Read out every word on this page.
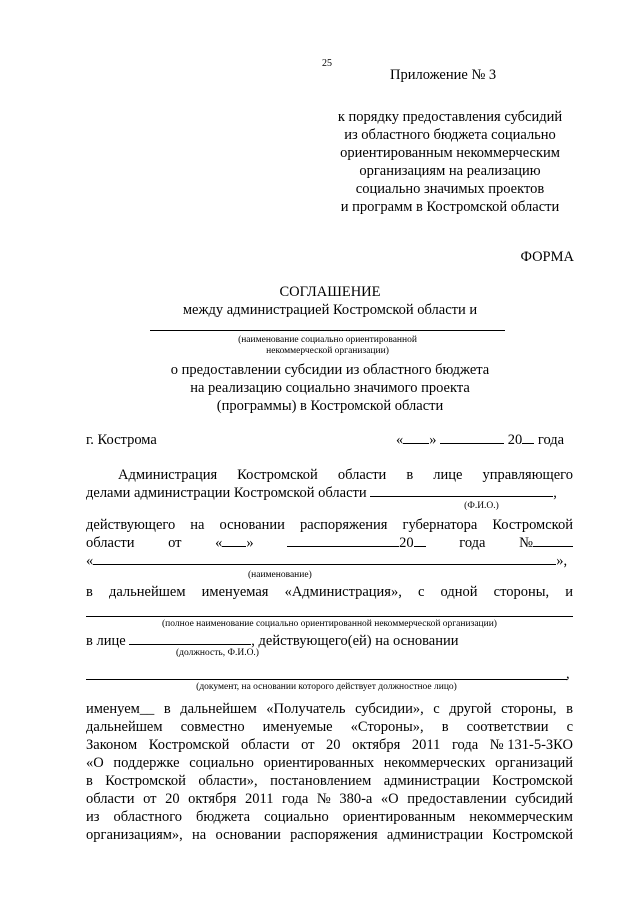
25
Приложение № 3
к порядку предоставления субсидий
из областного бюджета социально
ориентированным некоммерческим
организациям на реализацию
социально значимых проектов
и программ в Костромской области
ФОРМА
СОГЛАШЕНИЕ
между администрацией Костромской области и
(наименование социально ориентированной
некоммерческой организации)
о предоставлении субсидии из областного бюджета
на реализацию социально значимого проекта
(программы) в Костромской области
г. Кострома	« »	20 года
Администрация Костромской области в лице управляющего
делами администрации Костромской области	,
(Ф.И.О.)
действующего на основании распоряжения губернатора Костромской
области от « »	20	года №
«	»,
(наименование)
в дальнейшем именуемая «Администрация», с одной стороны, и
(полное наименование социально ориентированной некоммерческой организации)
в лице	, действующего(ей) на основании
(должность, Ф.И.О.)
,
(документ, на основании которого действует должностное лицо)
именуем__ в дальнейшем «Получатель субсидии», с другой стороны, в
дальнейшем совместно именуемые «Стороны», в соответствии с
Законом Костромской области от 20 октября 2011 года № 131-5-ЗКО
«О поддержке социально ориентированных некоммерческих организаций
в Костромской области», постановлением администрации Костромской
области от 20 октября 2011 года № 380-а «О предоставлении субсидий
из областного бюджета социально ориентированным некоммерческим
организациям», на основании распоряжения администрации Костромской
